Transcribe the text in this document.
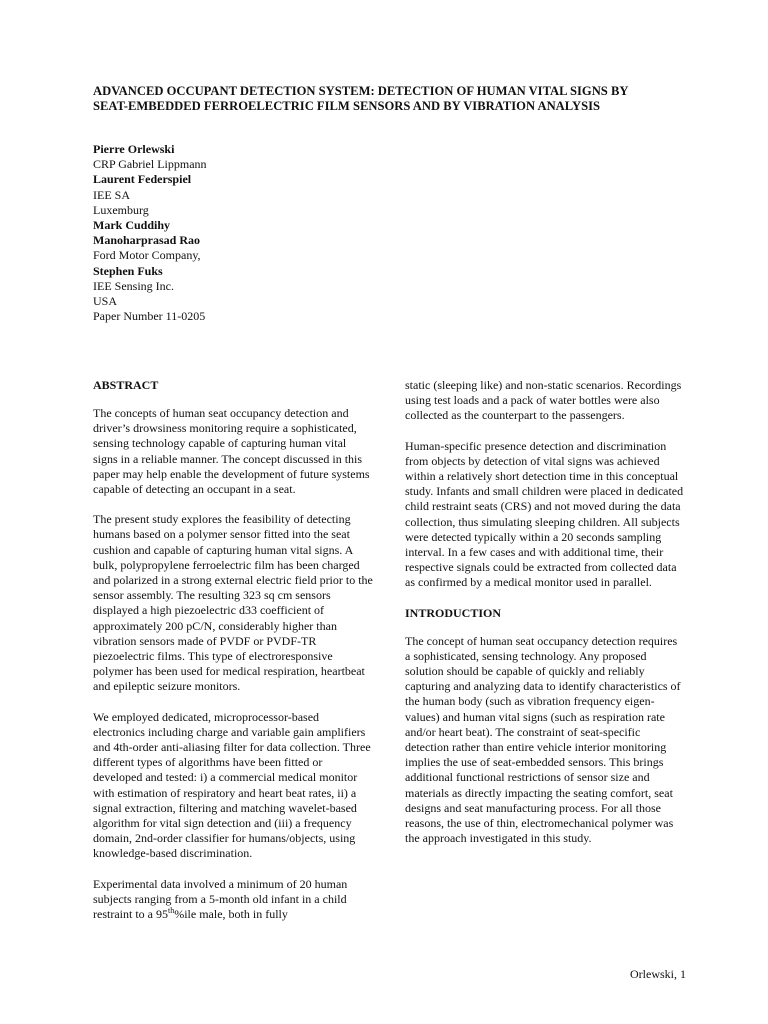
ADVANCED OCCUPANT DETECTION SYSTEM: DETECTION OF HUMAN VITAL SIGNS BY SEAT-EMBEDDED FERROELECTRIC FILM SENSORS AND BY VIBRATION ANALYSIS
Pierre Orlewski
CRP Gabriel Lippmann
Laurent Federspiel
IEE SA
Luxemburg
Mark Cuddihy
Manoharprasad Rao
Ford Motor Company,
Stephen Fuks
IEE Sensing Inc.
USA
Paper Number 11-0205
ABSTRACT

The concepts of human seat occupancy detection and driver’s drowsiness monitoring require a sophisticated, sensing technology capable of capturing human vital signs in a reliable manner. The concept discussed in this paper may help enable the development of future systems capable of detecting an occupant in a seat.

The present study explores the feasibility of detecting humans based on a polymer sensor fitted into the seat cushion and capable of capturing human vital signs. A bulk, polypropylene ferroelectric film has been charged and polarized in a strong external electric field prior to the sensor assembly. The resulting 323 sq cm sensors displayed a high piezoelectric d33 coefficient of approximately 200 pC/N, considerably higher than vibration sensors made of PVDF or PVDF-TR piezoelectric films. This type of electroresponsive polymer has been used for medical respiration, heartbeat and epileptic seizure monitors.

We employed dedicated, microprocessor-based electronics including charge and variable gain amplifiers and 4th-order anti-aliasing filter for data collection. Three different types of algorithms have been fitted or developed and tested: i) a commercial medical monitor with estimation of respiratory and heart beat rates, ii) a signal extraction, filtering and matching wavelet-based algorithm for vital sign detection and (iii) a frequency domain, 2nd-order classifier for humans/objects, using knowledge-based discrimination.

Experimental data involved a minimum of 20 human subjects ranging from a 5-month old infant in a child restraint to a 95th%ile male, both in fully

static (sleeping like) and non-static scenarios. Recordings using test loads and a pack of water bottles were also collected as the counterpart to the passengers.

Human-specific presence detection and discrimination from objects by detection of vital signs was achieved within a relatively short detection time in this conceptual study. Infants and small children were placed in dedicated child restraint seats (CRS) and not moved during the data collection, thus simulating sleeping children. All subjects were detected typically within a 20 seconds sampling interval. In a few cases and with additional time, their respective signals could be extracted from collected data as confirmed by a medical monitor used in parallel.

INTRODUCTION

The concept of human seat occupancy detection requires a sophisticated, sensing technology. Any proposed solution should be capable of quickly and reliably capturing and analyzing data to identify characteristics of the human body (such as vibration frequency eigen-values) and human vital signs (such as respiration rate and/or heart beat). The constraint of seat-specific detection rather than entire vehicle interior monitoring implies the use of seat-embedded sensors. This brings additional functional restrictions of sensor size and materials as directly impacting the seating comfort, seat designs and seat manufacturing process. For all those reasons, the use of thin, electromechanical polymer was the approach investigated in this study.

Orlewski, 1
